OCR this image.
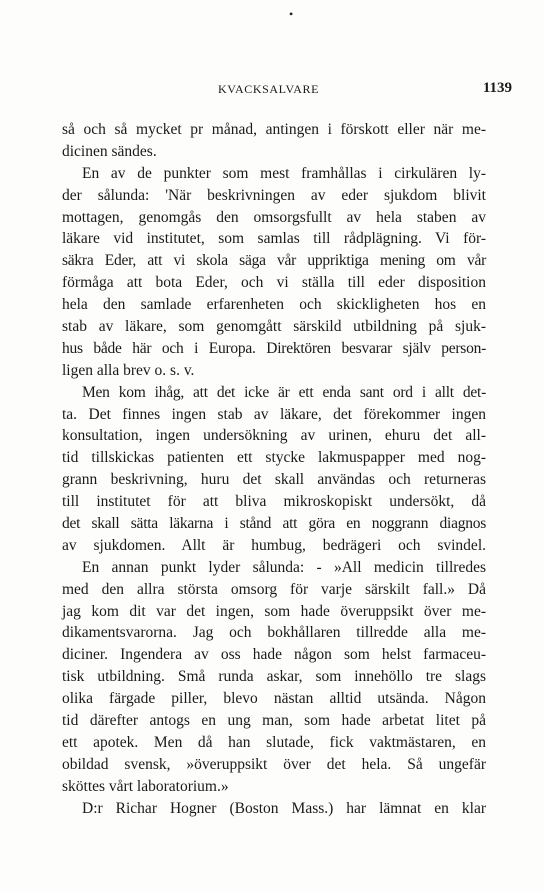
•
KVACKSALVARE	1139
så och så mycket pr månad, antingen i förskott eller när me-
dicinen sändes.
En av de punkter som mest framhållas i cirkulären ly-
der sålunda: 'När beskrivningen av eder sjukdom blivit
mottagen, genomgås den omsorgsfullt av hela staben av
läkare vid institutet, som samlas till rådplägning. Vi för-
säkra Eder, att vi skola säga vår uppriktiga mening om vår
förmåga att bota Eder, och vi ställa till eder disposition
hela den samlade erfarenheten och skickligheten hos en
stab av läkare, som genomgått särskild utbildning på sjuk-
hus både här och i Europa. Direktören besvarar själv person-
ligen alla brev o. s. v.
Men kom ihåg, att det icke är ett enda sant ord i allt det-
ta. Det finnes ingen stab av läkare, det förekommer ingen
konsultation, ingen undersökning av urinen, ehuru det all-
tid tillskickas patienten ett stycke lakmuspapper med nog-
grann beskrivning, huru det skall användas och returneras
till institutet för att bliva mikroskopiskt undersökt, då
det skall sätta läkarna i stånd att göra en noggrann diagnos
av sjukdomen. Allt är humbug, bedrägeri och svindel.
En annan punkt lyder sålunda: - »All medicin tillredes
med den allra största omsorg för varje särskilt fall.» Då
jag kom dit var det ingen, som hade överuppsikt över me-
dikamentsvarorna. Jag och bokhållaren tillredde alla me-
diciner. Ingendera av oss hade någon som helst farmaceu-
tisk utbildning. Små runda askar, som innehöllo tre slags
olika färgade piller, blevo nästan alltid utsända. Någon
tid därefter antogs en ung man, som hade arbetat litet på
ett apotek. Men då han slutade, fick vaktmästaren, en
obildad svensk, »överuppsikt över det hela. Så ungefär
sköttes vårt laboratorium.»
D:r Richar Hogner (Boston Mass.) har lämnat en klar
